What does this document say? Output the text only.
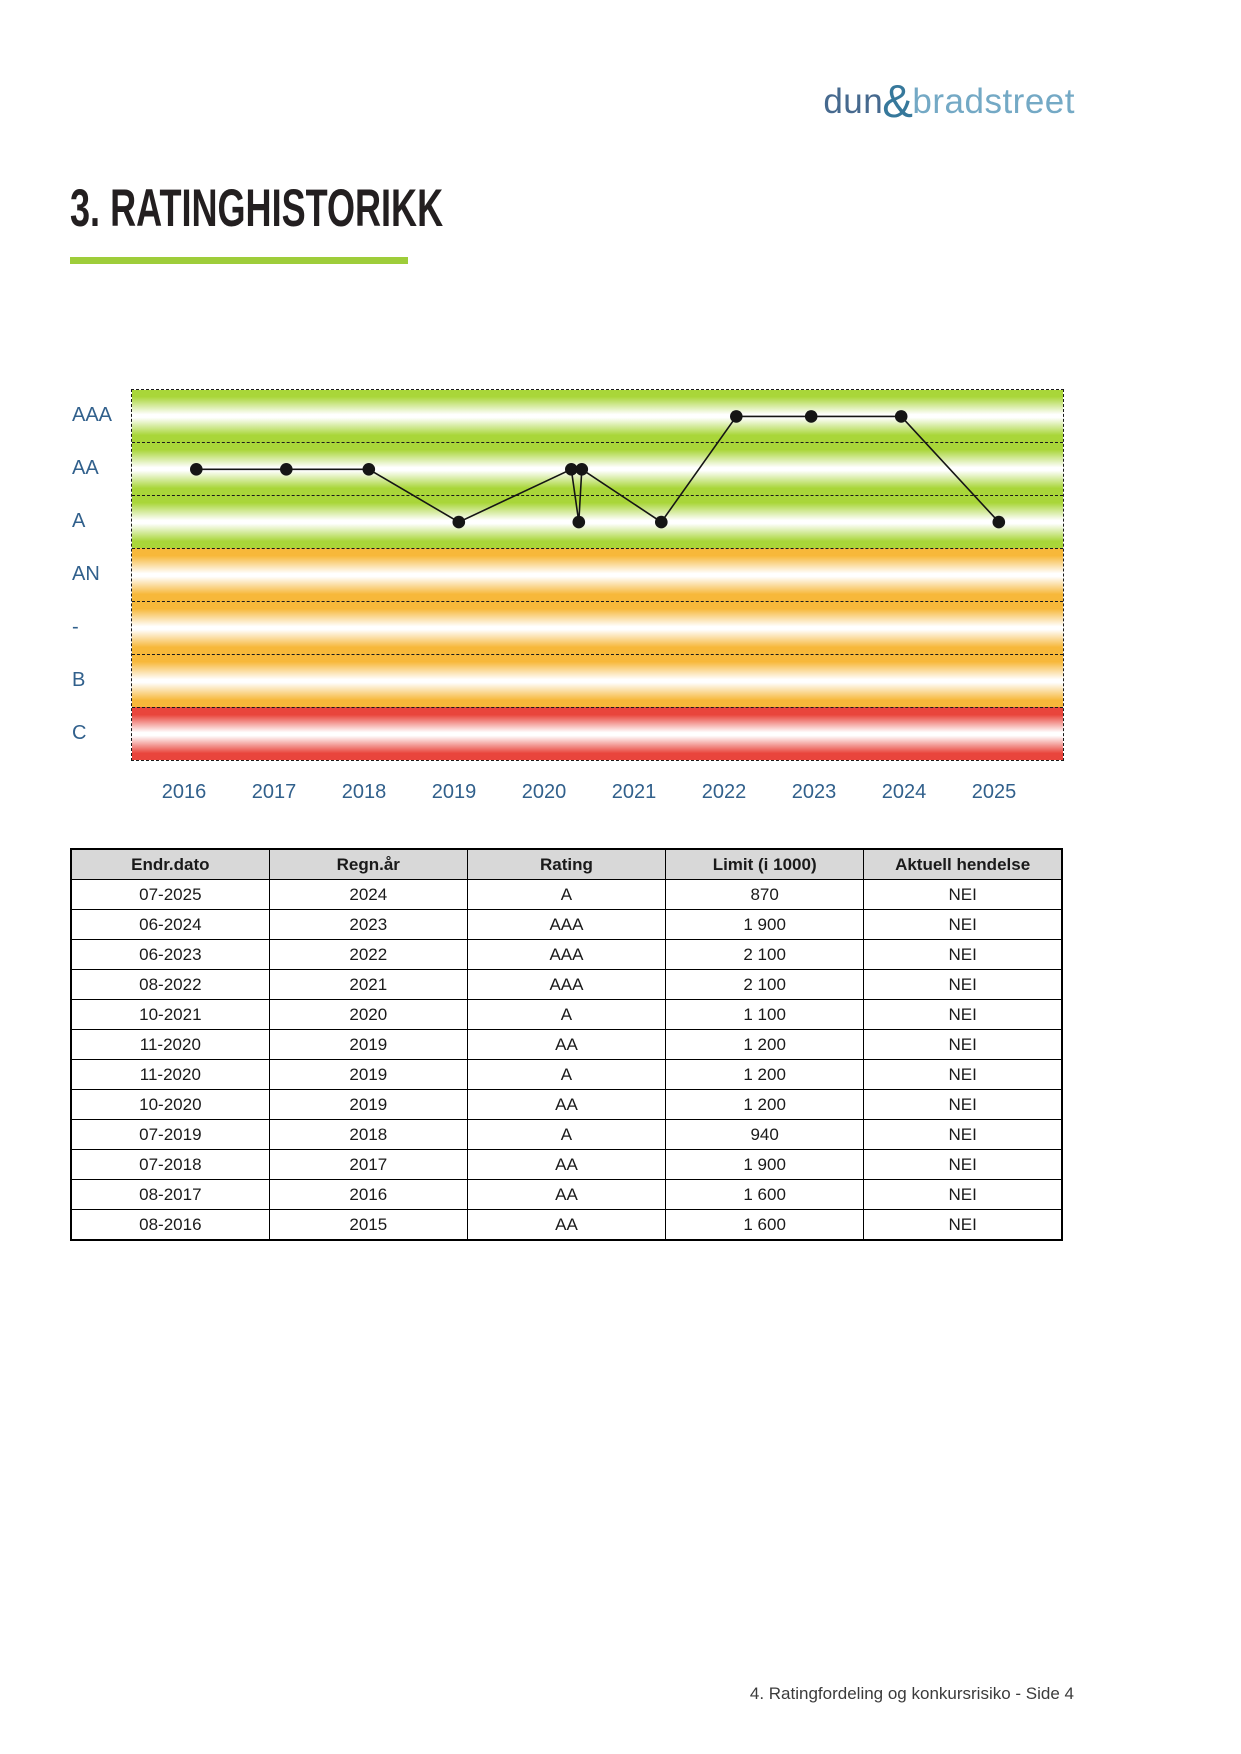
dun&bradstreet
3. RATINGHISTORIKK
AAA
AA
A
AN
-
B
C
2016	2017	2018	2019	2020	2021	2022	2023	2024	2025
Endr.dato	Regn.år	Rating	Limit (i 1000)	Aktuell hendelse
07-2025	2024	A	870	NEI
06-2024	2023	AAA	1 900	NEI
06-2023	2022	AAA	2 100	NEI
08-2022	2021	AAA	2 100	NEI
10-2021	2020	A	1 100	NEI
11-2020	2019	AA	1 200	NEI
11-2020	2019	A	1 200	NEI
10-2020	2019	AA	1 200	NEI
07-2019	2018	A	940	NEI
07-2018	2017	AA	1 900	NEI
08-2017	2016	AA	1 600	NEI
08-2016	2015	AA	1 600	NEI
4. Ratingfordeling og konkursrisiko - Side 4
